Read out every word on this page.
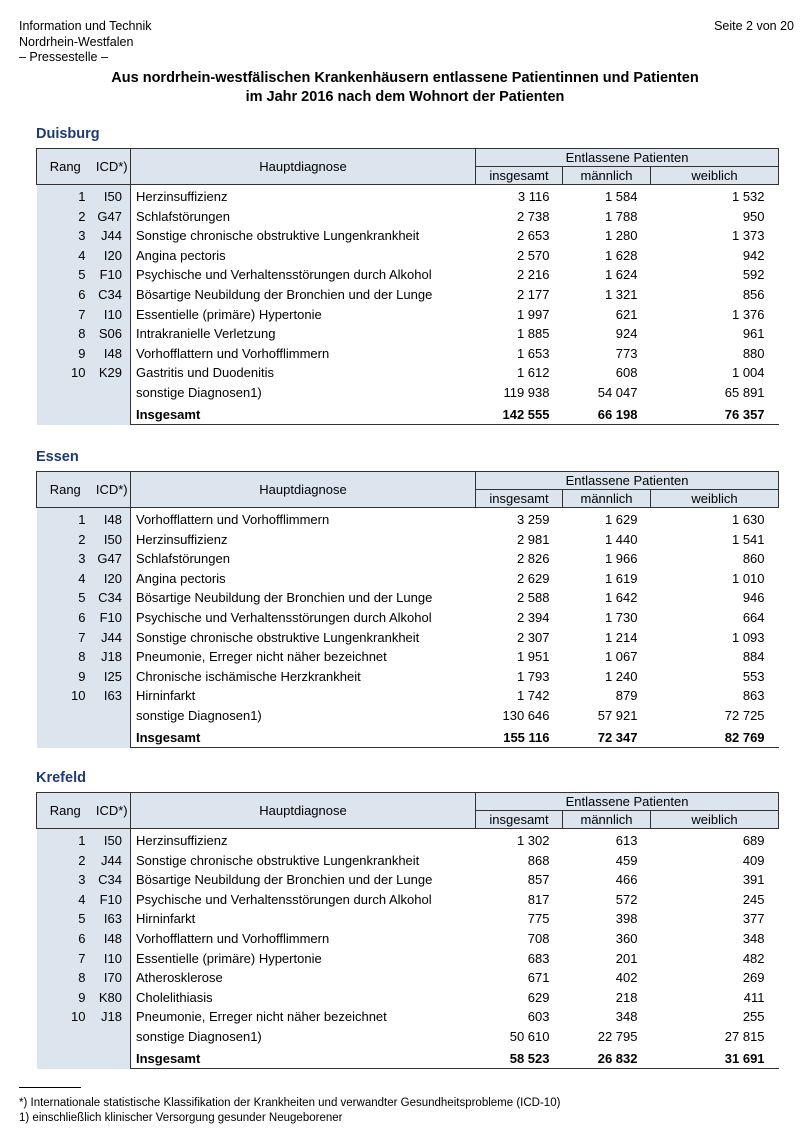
Information und Technik
Nordrhein-Westfalen
– Pressestelle –
Seite 2 von 20
Aus nordrhein-westfälischen Krankenhäusern entlassene Patientinnen und Patienten
im Jahr 2016 nach dem Wohnort der Patienten
Duisburg
Rang	ICD*)	Hauptdiagnose	Entlassene Patienten		
			insgesamt	männlich	weiblich
1	I50	Herzinsuffizienz	3 116	1 584	1 532
2	G47	Schlafstörungen	2 738	1 788	950
3	J44	Sonstige chronische obstruktive Lungenkrankheit	2 653	1 280	1 373
4	I20	Angina pectoris	2 570	1 628	942
5	F10	Psychische und Verhaltensstörungen durch Alkohol	2 216	1 624	592
6	C34	Bösartige Neubildung der Bronchien und der Lunge	2 177	1 321	856
7	I10	Essentielle (primäre) Hypertonie	1 997	621	1 376
8	S06	Intrakranielle Verletzung	1 885	924	961
9	I48	Vorhofflattern und Vorhofflimmern	1 653	773	880
10	K29	Gastritis und Duodenitis	1 612	608	1 004
		sonstige Diagnosen1)	119 938	54 047	65 891

		Insgesamt	142 555	66 198	76 357
Essen
Rang	ICD*)	Hauptdiagnose	Entlassene Patienten		
			insgesamt	männlich	weiblich
1	I48	Vorhofflattern und Vorhofflimmern	3 259	1 629	1 630
2	I50	Herzinsuffizienz	2 981	1 440	1 541
3	G47	Schlafstörungen	2 826	1 966	860
4	I20	Angina pectoris	2 629	1 619	1 010
5	C34	Bösartige Neubildung der Bronchien und der Lunge	2 588	1 642	946
6	F10	Psychische und Verhaltensstörungen durch Alkohol	2 394	1 730	664
7	J44	Sonstige chronische obstruktive Lungenkrankheit	2 307	1 214	1 093
8	J18	Pneumonie, Erreger nicht näher bezeichnet	1 951	1 067	884
9	I25	Chronische ischämische Herzkrankheit	1 793	1 240	553
10	I63	Hirninfarkt	1 742	879	863
		sonstige Diagnosen1)	130 646	57 921	72 725

		Insgesamt	155 116	72 347	82 769
Krefeld
Rang	ICD*)	Hauptdiagnose	Entlassene Patienten		
			insgesamt	männlich	weiblich
1	I50	Herzinsuffizienz	1 302	613	689
2	J44	Sonstige chronische obstruktive Lungenkrankheit	868	459	409
3	C34	Bösartige Neubildung der Bronchien und der Lunge	857	466	391
4	F10	Psychische und Verhaltensstörungen durch Alkohol	817	572	245
5	I63	Hirninfarkt	775	398	377
6	I48	Vorhofflattern und Vorhofflimmern	708	360	348
7	I10	Essentielle (primäre) Hypertonie	683	201	482
8	I70	Atherosklerose	671	402	269
9	K80	Cholelithiasis	629	218	411
10	J18	Pneumonie, Erreger nicht näher bezeichnet	603	348	255
		sonstige Diagnosen1)	50 610	22 795	27 815

		Insgesamt	58 523	26 832	31 691
*) Internationale statistische Klassifikation der Krankheiten und verwandter Gesundheitsprobleme (ICD-10)
1) einschließlich klinischer Versorgung gesunder Neugeborener
